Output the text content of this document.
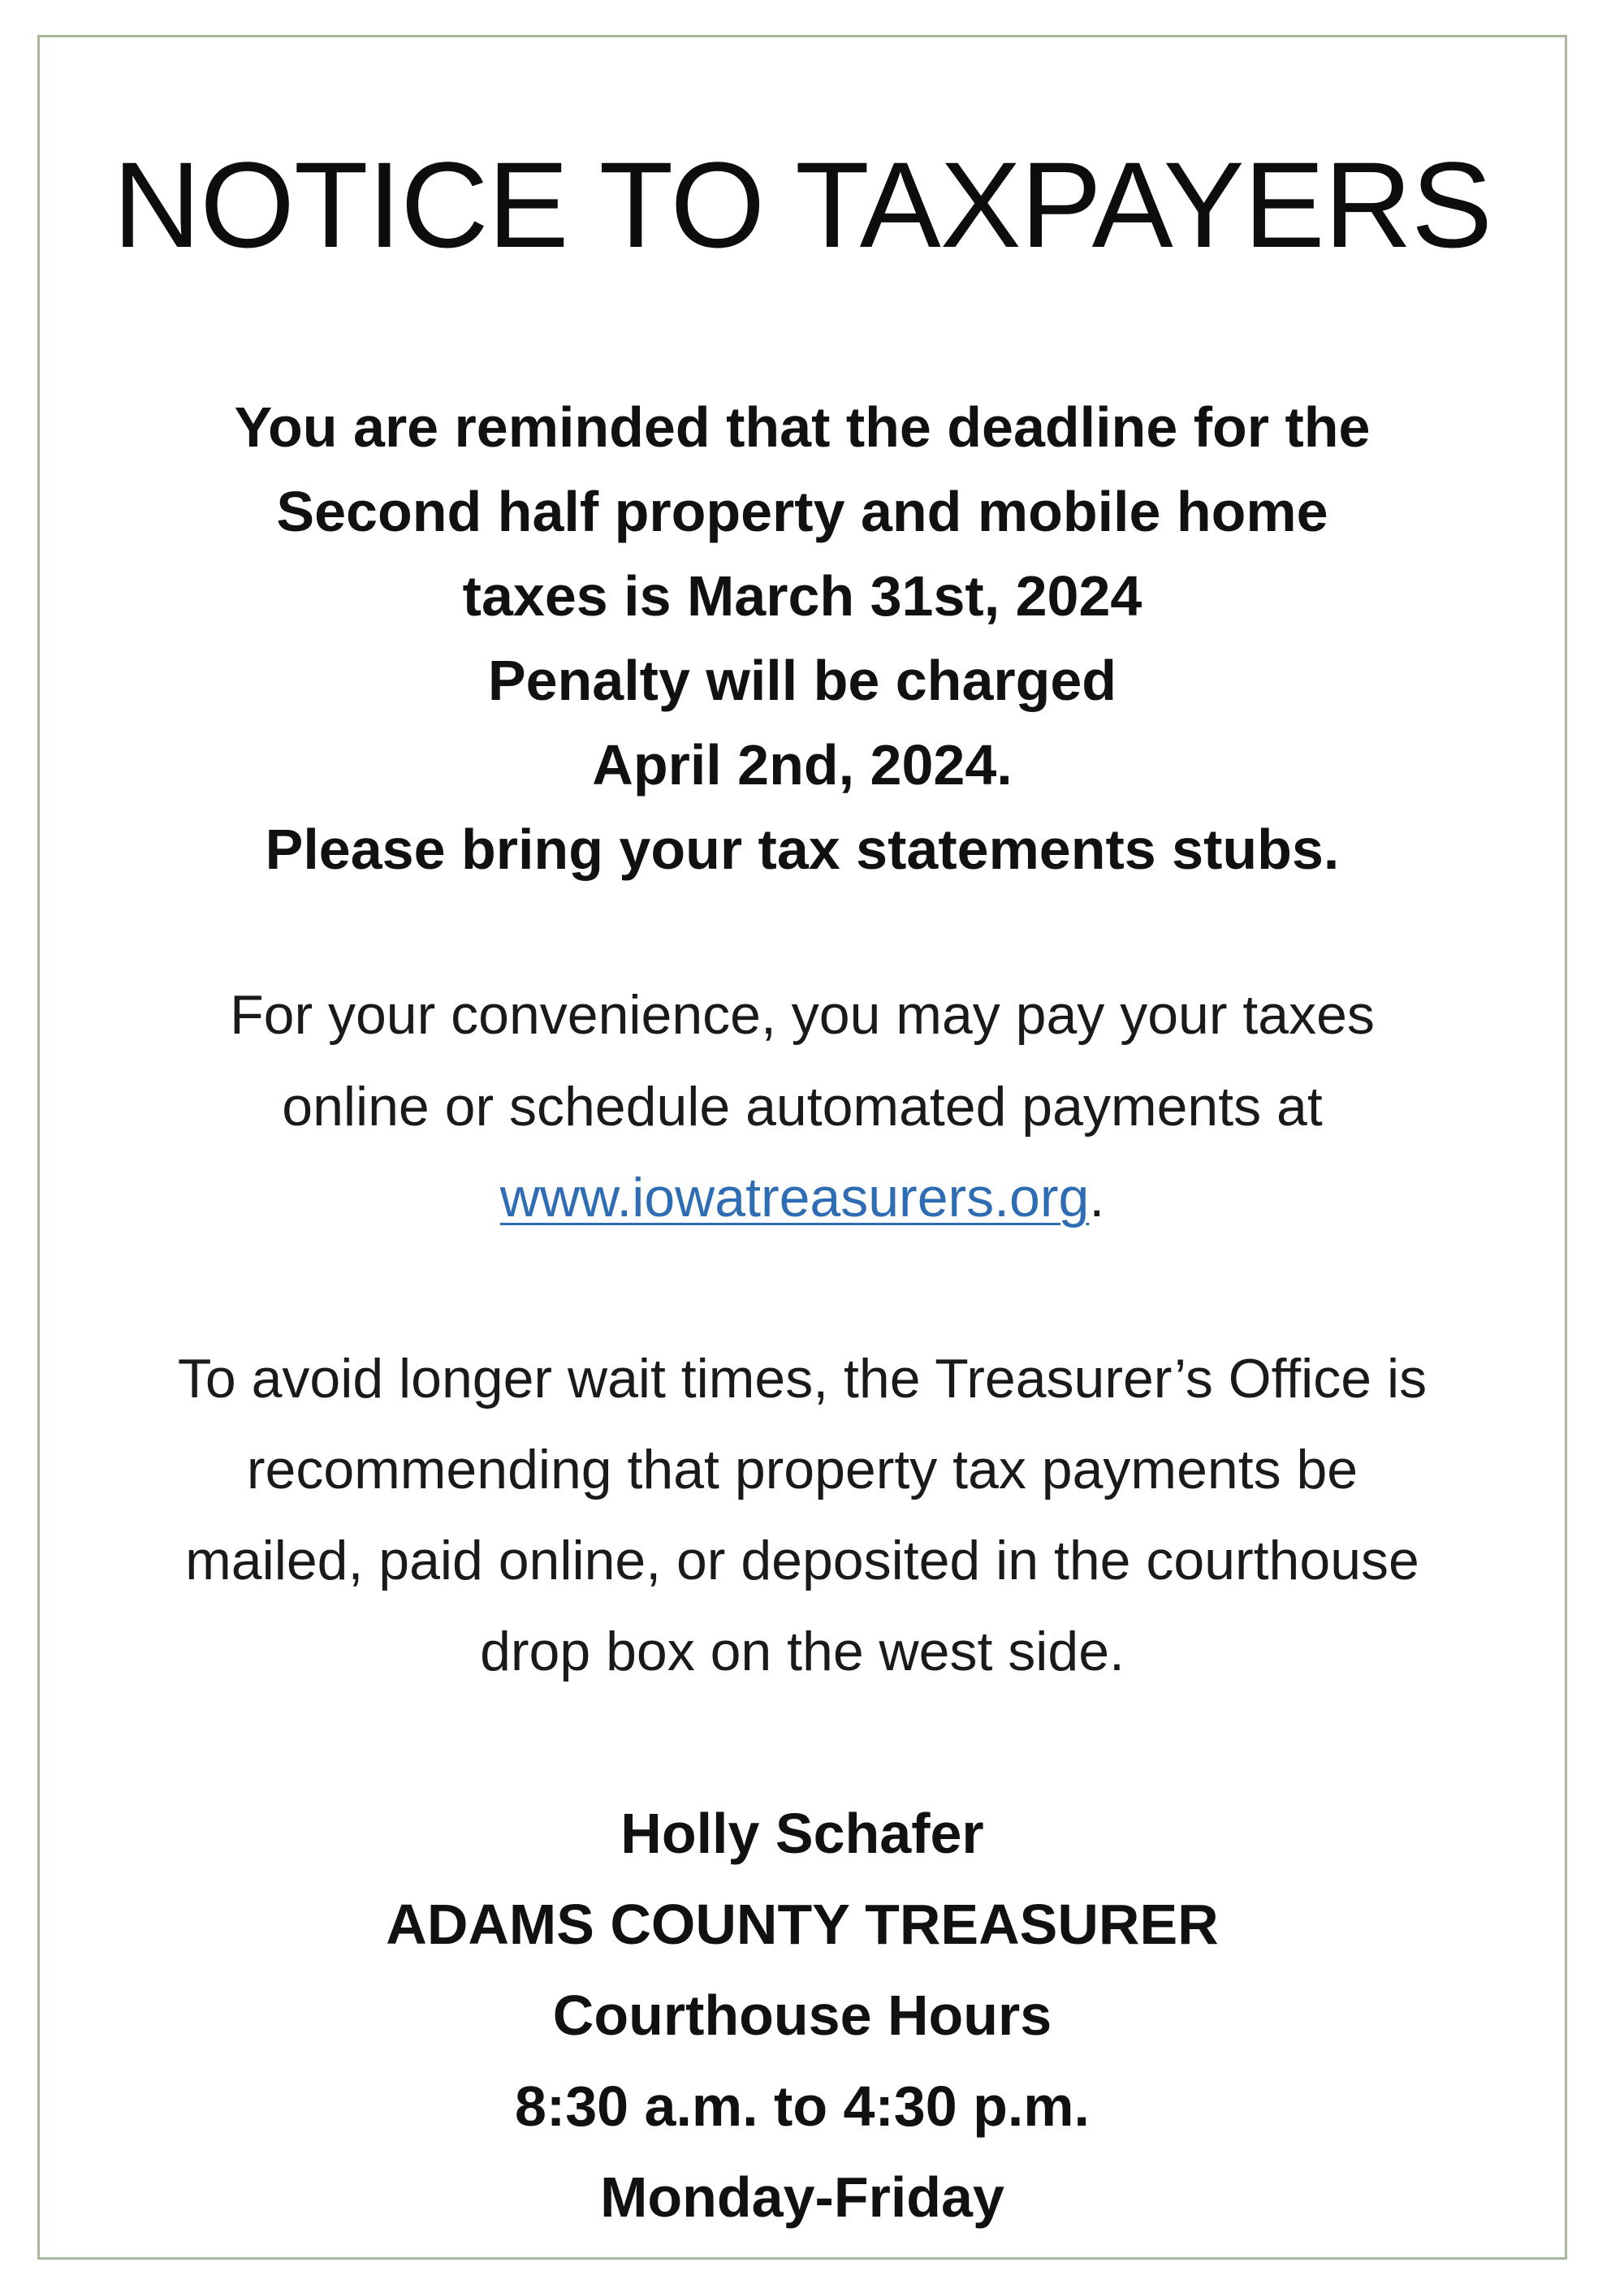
NOTICE TO TAXPAYERS
You are reminded that the deadline for the
Second half property and mobile home
taxes is March 31st, 2024
Penalty will be charged
April 2nd, 2024.
Please bring your tax statements stubs.
For your convenience, you may pay your taxes
online or schedule automated payments at
www.iowatreasurers.org.
To avoid longer wait times, the Treasurer’s Office is
recommending that property tax payments be
mailed, paid online, or deposited in the courthouse
drop box on the west side.
Holly Schafer
ADAMS COUNTY TREASURER
Courthouse Hours
8:30 a.m. to 4:30 p.m.
Monday-Friday
